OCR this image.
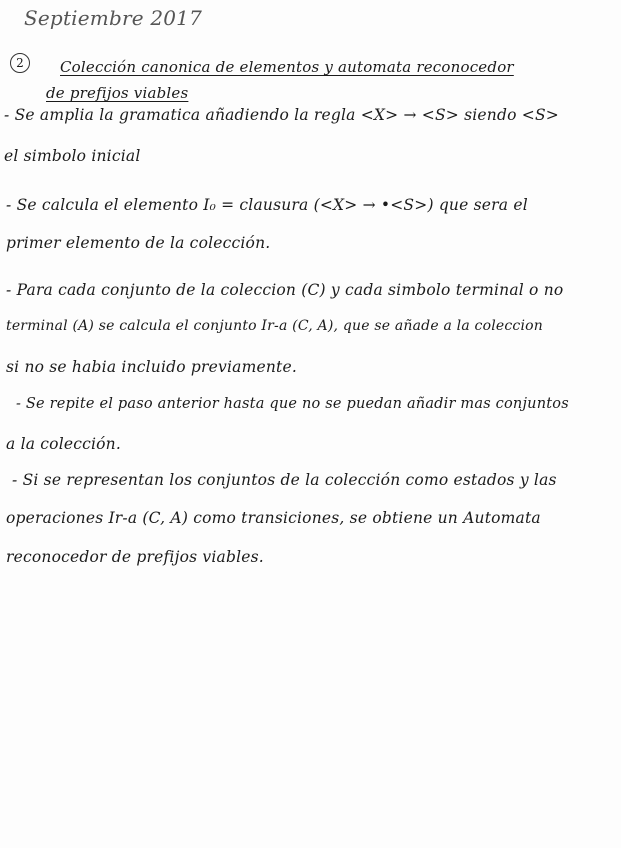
Septiembre 2017
2	Colección canonica de elementos y automata reconocedor
de prefijos viables
- Se amplia la gramatica añadiendo la regla <X> → <S> siendo <S>
el simbolo inicial
- Se calcula el elemento I₀ = clausura (<X> → •<S>) que sera el
primer elemento de la colección.
- Para cada conjunto de la coleccion (C) y cada simbolo terminal o no
terminal (A) se calcula el conjunto Ir-a (C, A), que se añade a la coleccion
si no se habia incluido previamente.
- Se repite el paso anterior hasta que no se puedan añadir mas conjuntos
a la colección.
- Si se representan los conjuntos de la colección como estados y las
operaciones Ir-a (C, A) como transiciones, se obtiene un Automata
reconocedor de prefijos viables.
